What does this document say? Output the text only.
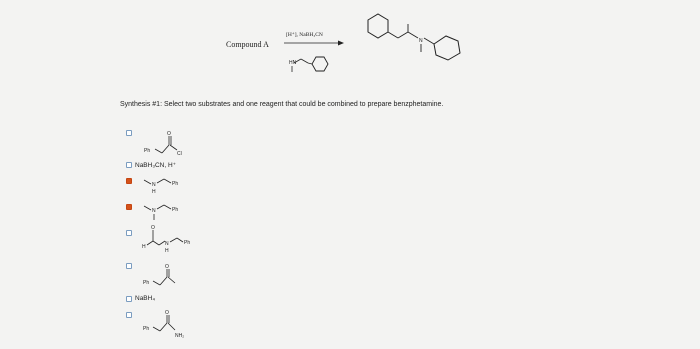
Compound A
[H⁺], NaBH₃CN
HN
N
Synthesis #1: Select two substrates and one reagent that could be combined to prepare benzphetamine.
Ph
O
Cl
NaBH₃CN, H⁺
N
H
Ph
N	Ph
H
O
N
H
Ph
Ph
O
NaBH₄
Ph
O
NH₂
